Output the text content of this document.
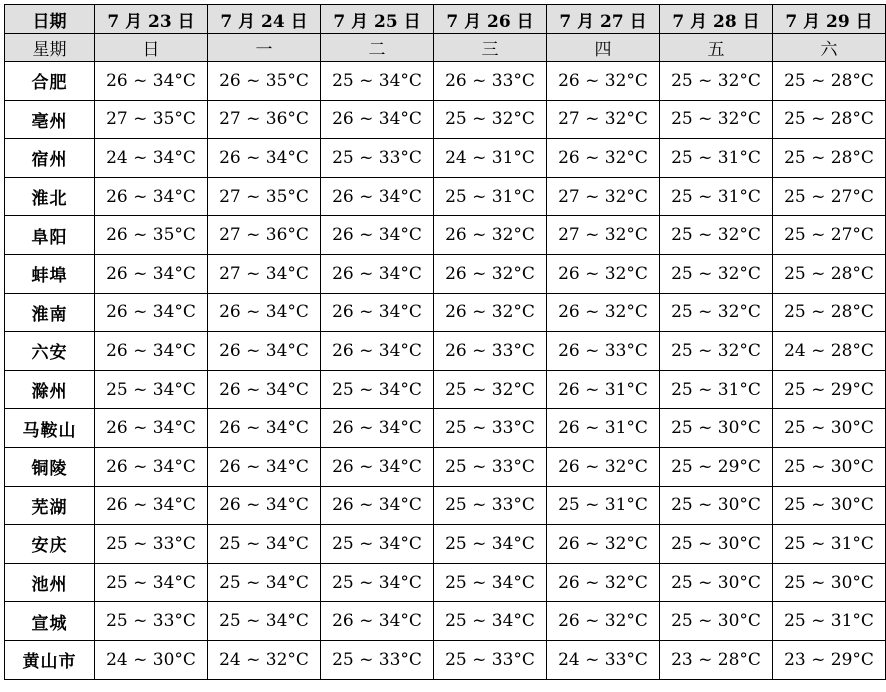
日期	7 月 23 日	7 月 24 日	7 月 25 日	7 月 26 日	7 月 27 日	7 月 28 日	7 月 29 日
星期	日	一	二	三	四	五	六
合肥	26 ~ 34°C	26 ~ 35°C	25 ~ 34°C	26 ~ 33°C	26 ~ 32°C	25 ~ 32°C	25 ~ 28°C
亳州	27 ~ 35°C	27 ~ 36°C	26 ~ 34°C	25 ~ 32°C	27 ~ 32°C	25 ~ 32°C	25 ~ 28°C
宿州	24 ~ 34°C	26 ~ 34°C	25 ~ 33°C	24 ~ 31°C	26 ~ 32°C	25 ~ 31°C	25 ~ 28°C
淮北	26 ~ 34°C	27 ~ 35°C	26 ~ 34°C	25 ~ 31°C	27 ~ 32°C	25 ~ 31°C	25 ~ 27°C
阜阳	26 ~ 35°C	27 ~ 36°C	26 ~ 34°C	26 ~ 32°C	27 ~ 32°C	25 ~ 32°C	25 ~ 27°C
蚌埠	26 ~ 34°C	27 ~ 34°C	26 ~ 34°C	26 ~ 32°C	26 ~ 32°C	25 ~ 32°C	25 ~ 28°C
淮南	26 ~ 34°C	26 ~ 34°C	26 ~ 34°C	26 ~ 32°C	26 ~ 32°C	25 ~ 32°C	25 ~ 28°C
六安	26 ~ 34°C	26 ~ 34°C	26 ~ 34°C	26 ~ 33°C	26 ~ 33°C	25 ~ 32°C	24 ~ 28°C
滁州	25 ~ 34°C	26 ~ 34°C	25 ~ 34°C	25 ~ 32°C	26 ~ 31°C	25 ~ 31°C	25 ~ 29°C
马鞍山	26 ~ 34°C	26 ~ 34°C	26 ~ 34°C	25 ~ 33°C	26 ~ 31°C	25 ~ 30°C	25 ~ 30°C
铜陵	26 ~ 34°C	26 ~ 34°C	26 ~ 34°C	25 ~ 33°C	26 ~ 32°C	25 ~ 29°C	25 ~ 30°C
芜湖	26 ~ 34°C	26 ~ 34°C	26 ~ 34°C	25 ~ 33°C	25 ~ 31°C	25 ~ 30°C	25 ~ 30°C
安庆	25 ~ 33°C	25 ~ 34°C	25 ~ 34°C	25 ~ 34°C	26 ~ 32°C	25 ~ 30°C	25 ~ 31°C
池州	25 ~ 34°C	25 ~ 34°C	25 ~ 34°C	25 ~ 34°C	26 ~ 32°C	25 ~ 30°C	25 ~ 30°C
宣城	25 ~ 33°C	25 ~ 34°C	26 ~ 34°C	25 ~ 34°C	26 ~ 32°C	25 ~ 30°C	25 ~ 31°C
黄山市	24 ~ 30°C	24 ~ 32°C	25 ~ 33°C	25 ~ 33°C	24 ~ 33°C	23 ~ 28°C	23 ~ 29°C
